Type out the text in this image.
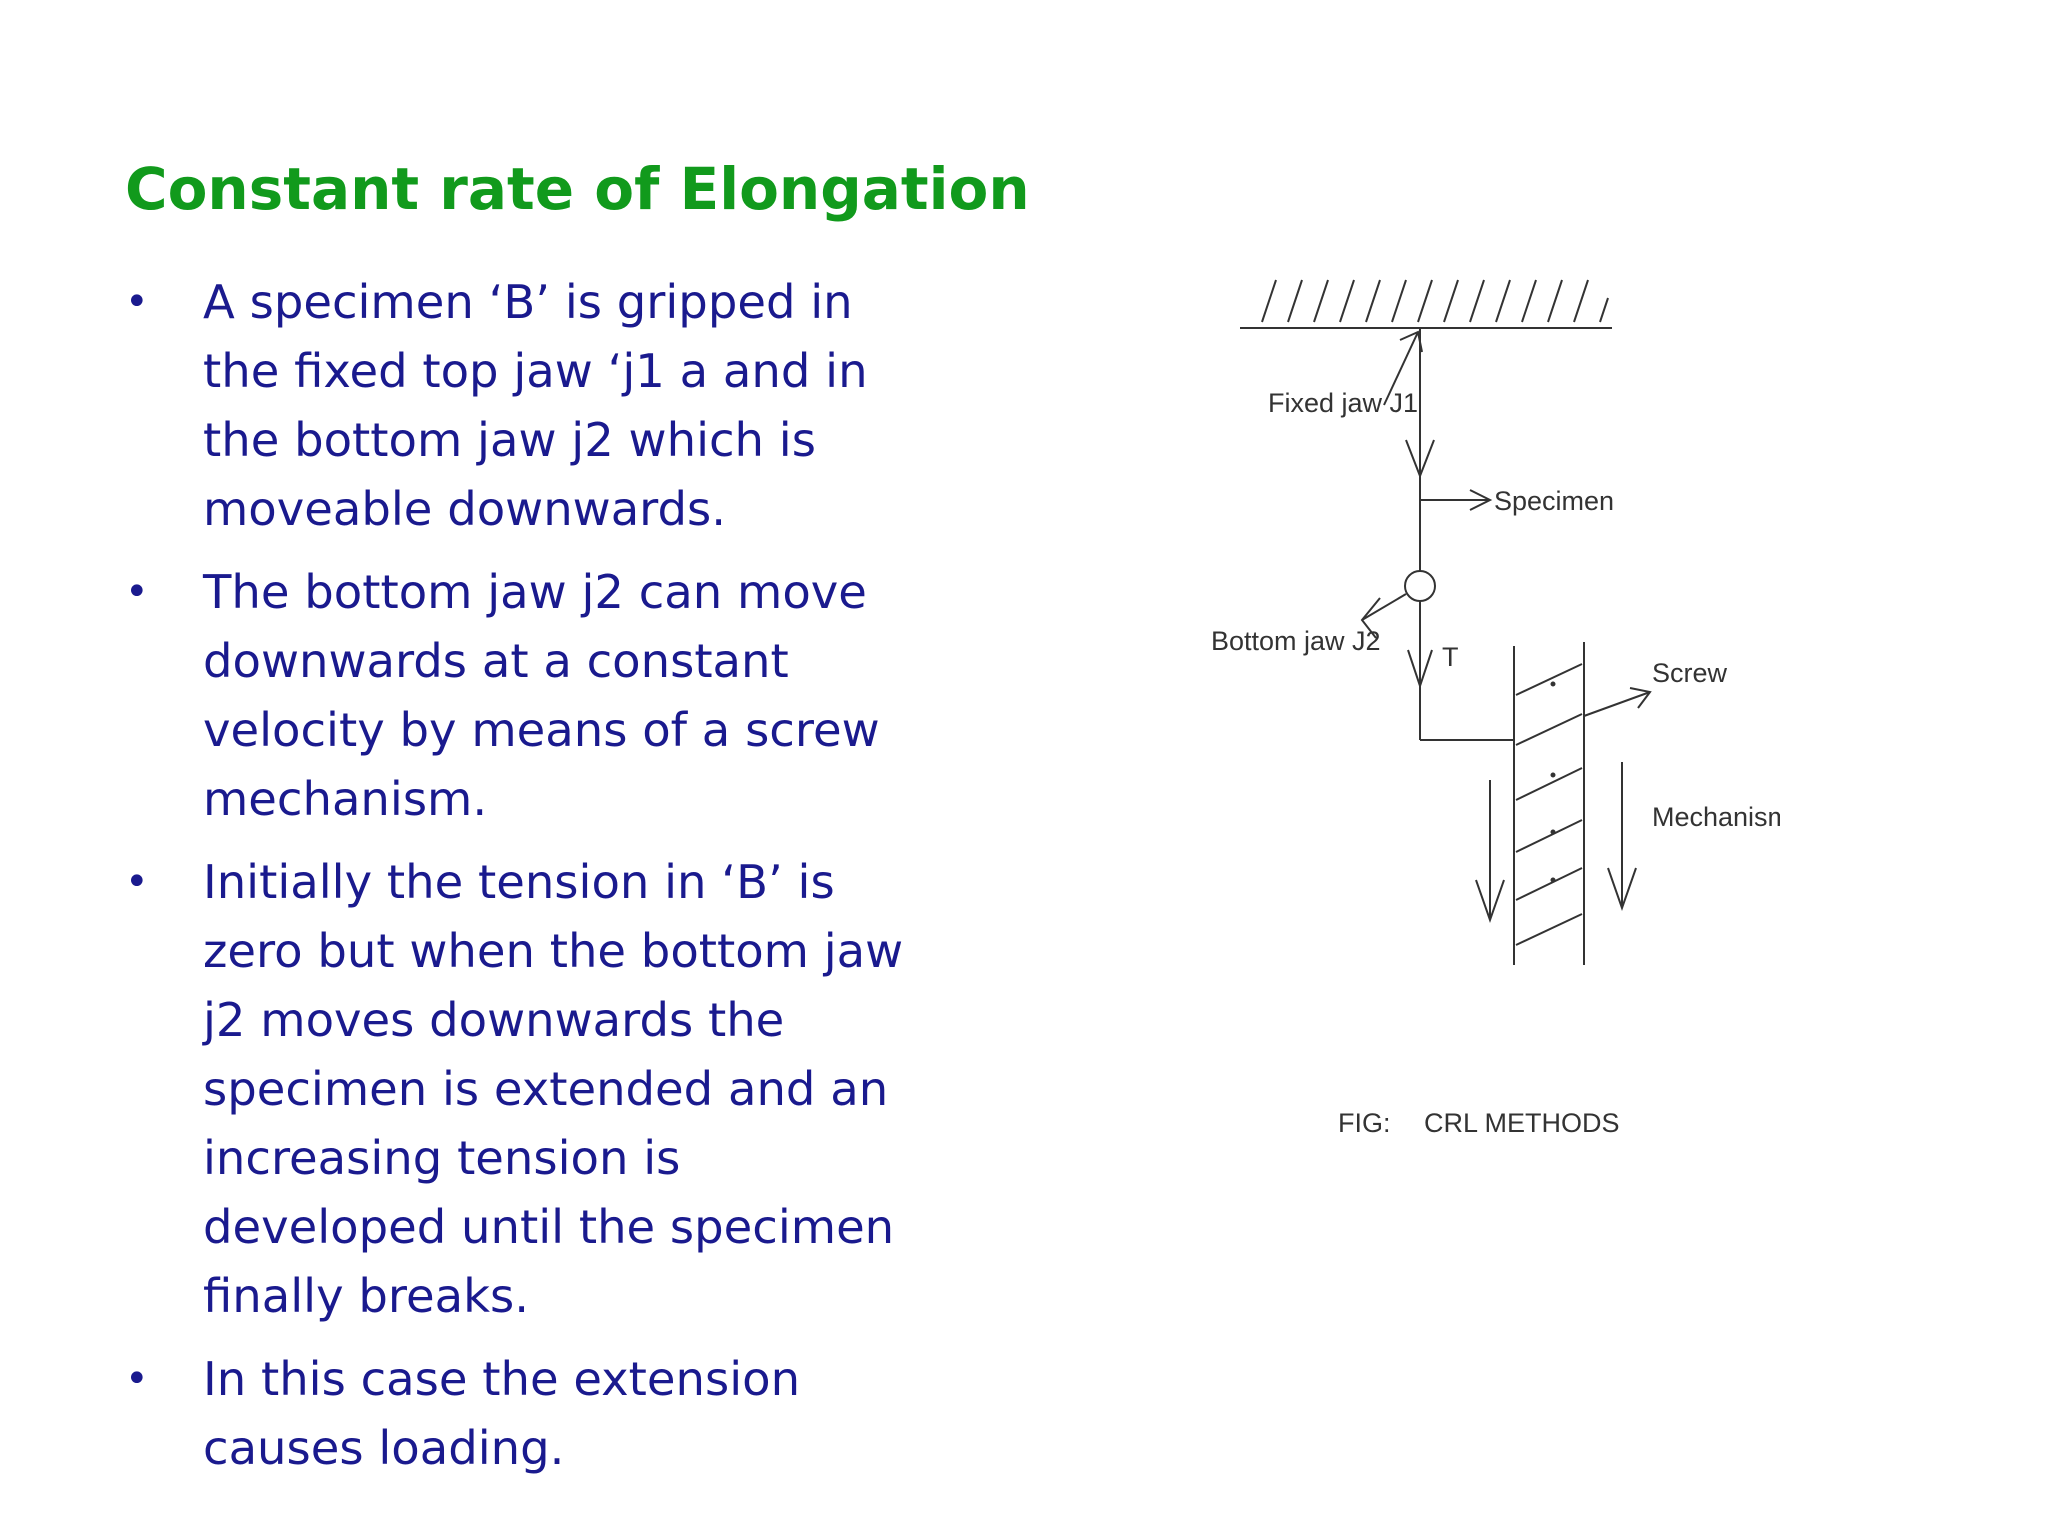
Constant rate of Elongation
• A specimen ‘B’ is gripped in the fixed top jaw ‘j1 a and in the bottom jaw j2 which is moveable downwards.
• The bottom jaw j2 can move downwards at a constant velocity by means of a screw mechanism.
• Initially the tension in ‘B’ is zero but when the bottom jaw j2 moves downwards the specimen is extended and an increasing tension is developed until the specimen finally breaks.
• In this case the extension causes loading.
Fixed jaw J1
Specimen
Bottom jaw J2
T
Screw
Mechanism
FIG: CRL METHODS
